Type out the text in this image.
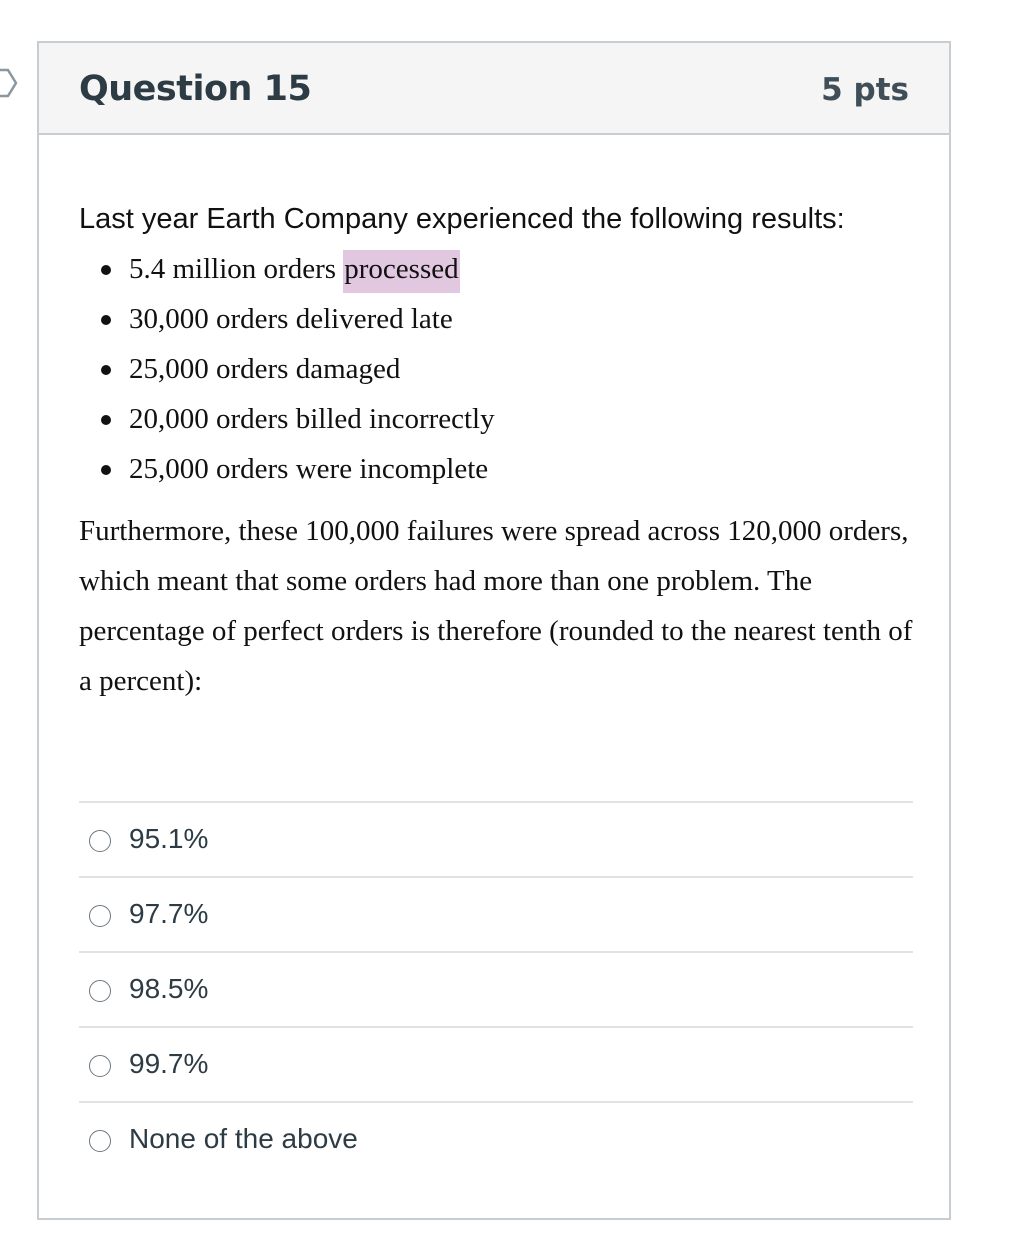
Question 15	5 pts

Last year Earth Company experienced the following results:

5.4 million orders processed
30,000 orders delivered late
25,000 orders damaged
20,000 orders billed incorrectly
25,000 orders were incomplete

Furthermore, these 100,000 failures were spread across 120,000 orders, which meant that some orders had more than one problem. The percentage of perfect orders is therefore (rounded to the nearest tenth of a percent):

95.1%
97.7%
98.5%
99.7%
None of the above
